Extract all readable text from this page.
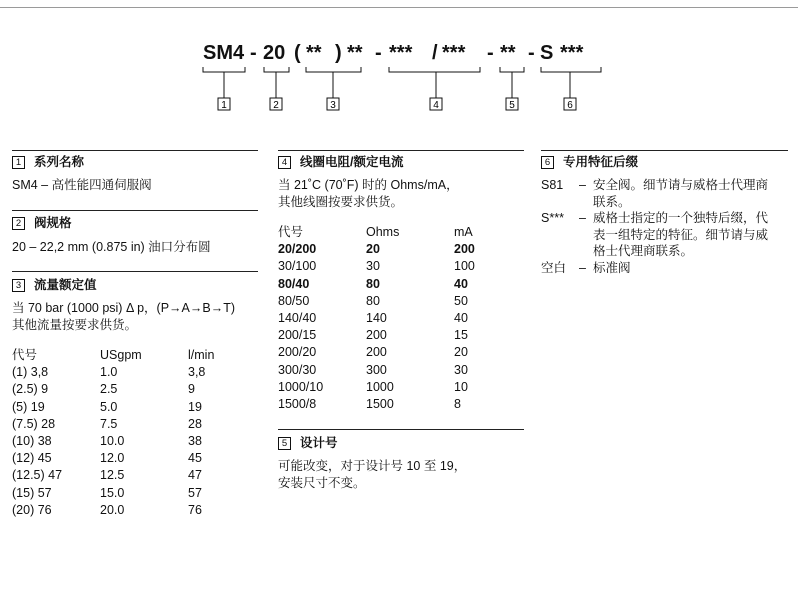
SM4 - 20 ( ** ) ** - *** / *** - ** - S ***
1	2	3	4	5	6
1	系列名称

SM4 – 高性能四通伺服阀

2	阀规格

20 – 22,2 mm (0.875 in) 油口分布圆

3	流量额定值

当 70 bar (1000 psi) Δ p，(P→A→B→T)

其他流量按要求供货。

代号	USgpm	l/min
(1) 3,8	1.0	3,8
(2.5) 9	2.5	9
(5) 19	5.0	19
(7.5) 28	7.5	28
(10) 38	10.0	38
(12) 45	12.0	45
(12.5) 47	12.5	47
(15) 57	15.0	57
(20) 76	20.0	76
4	线圈电阻/额定电流

当 21˚C (70˚F) 时的 Ohms/mA，

其他线圈按要求供货。

代号	Ohms	mA
20/200	20	200
30/100	30	100
80/40	80	40
80/50	80	50
140/40	140	40
200/15	200	15
200/20	200	20
300/30	300	30
1000/10	1000	10
1500/8	1500	8
5	设计号

可能改变，对于设计号 10 至 19，

安装尺寸不变。

6	专用特征后缀
S81	– 安全阀。细节请与威格士代理商
联系。
S***	– 威格士指定的一个独特后缀，代
表一组特定的特征。细节请与威
格士代理商联系。
空白	– 标准阀
